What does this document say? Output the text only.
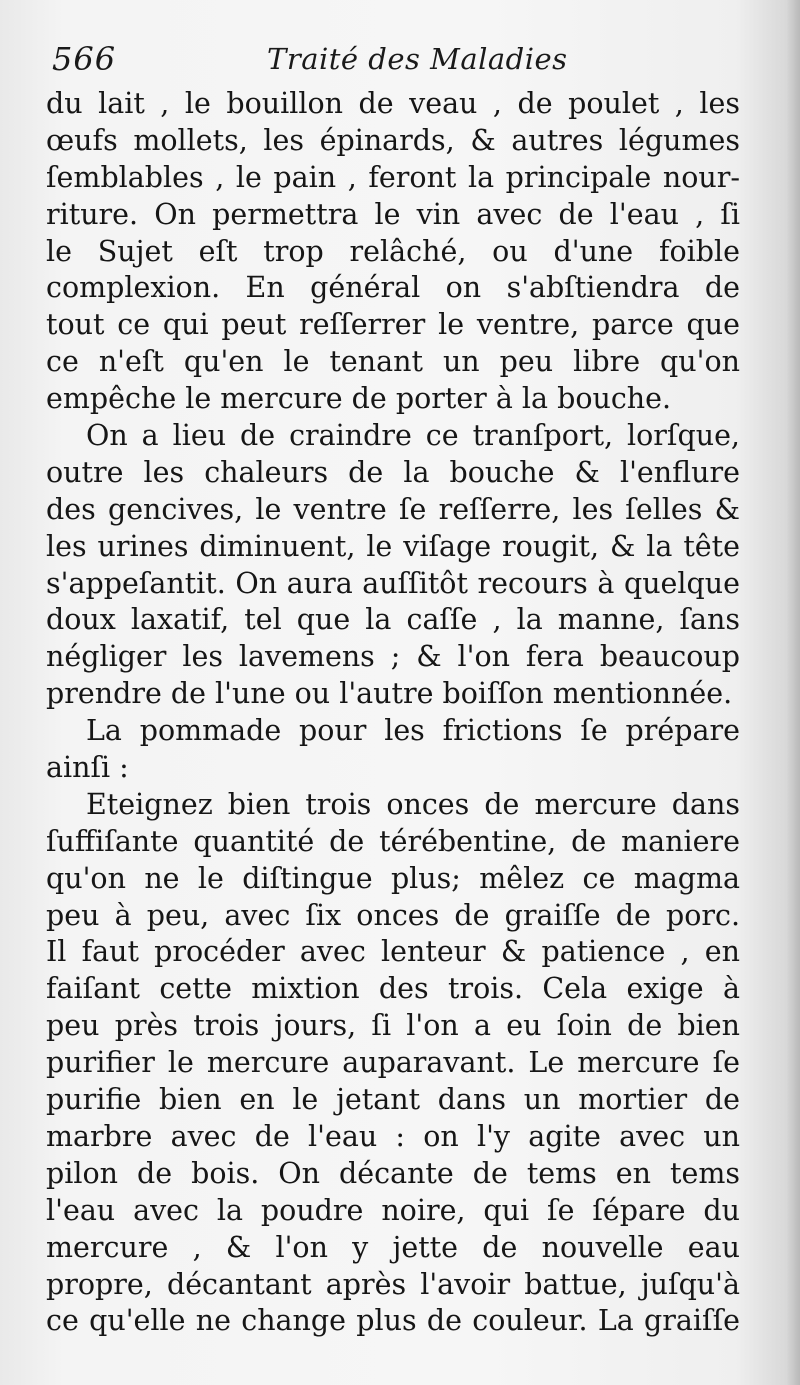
566	Traité des Maladies
du lait , le bouillon de veau , de poulet , les
œufs mollets, les épinards, & autres légumes
ſemblables , le pain , feront la principale nour-
riture. On permettra le vin avec de l'eau , ſi
le Sujet eſt trop relâché, ou d'une foible
complexion. En général on s'abſtiendra de
tout ce qui peut reſſerrer le ventre, parce que
ce n'eſt qu'en le tenant un peu libre qu'on
empêche le mercure de porter à la bouche.
On a lieu de craindre ce tranſport, lorſque,
outre les chaleurs de la bouche & l'enflure
des gencives, le ventre ſe reſſerre, les ſelles &
les urines diminuent, le viſage rougit, & la tête
s'appeſantit. On aura auſſitôt recours à quelque
doux laxatif, tel que la caſſe , la manne, ſans
négliger les lavemens ; & l'on fera beaucoup
prendre de l'une ou l'autre boiſſon mentionnée.
La pommade pour les frictions ſe prépare
ainſi :
Eteignez bien trois onces de mercure dans
ſuffiſante quantité de térébentine, de maniere
qu'on ne le diſtingue plus; mêlez ce magma
peu à peu, avec ſix onces de graiſſe de porc.
Il faut procéder avec lenteur & patience , en
faiſant cette mixtion des trois. Cela exige à
peu près trois jours, ſi l'on a eu ſoin de bien
purifier le mercure auparavant. Le mercure ſe
purifie bien en le jetant dans un mortier de
marbre avec de l'eau : on l'y agite avec un
pilon de bois. On décante de tems en tems
l'eau avec la poudre noire, qui ſe ſépare du
mercure , & l'on y jette de nouvelle eau
propre, décantant après l'avoir battue, juſqu'à
ce qu'elle ne change plus de couleur. La graiſſe
